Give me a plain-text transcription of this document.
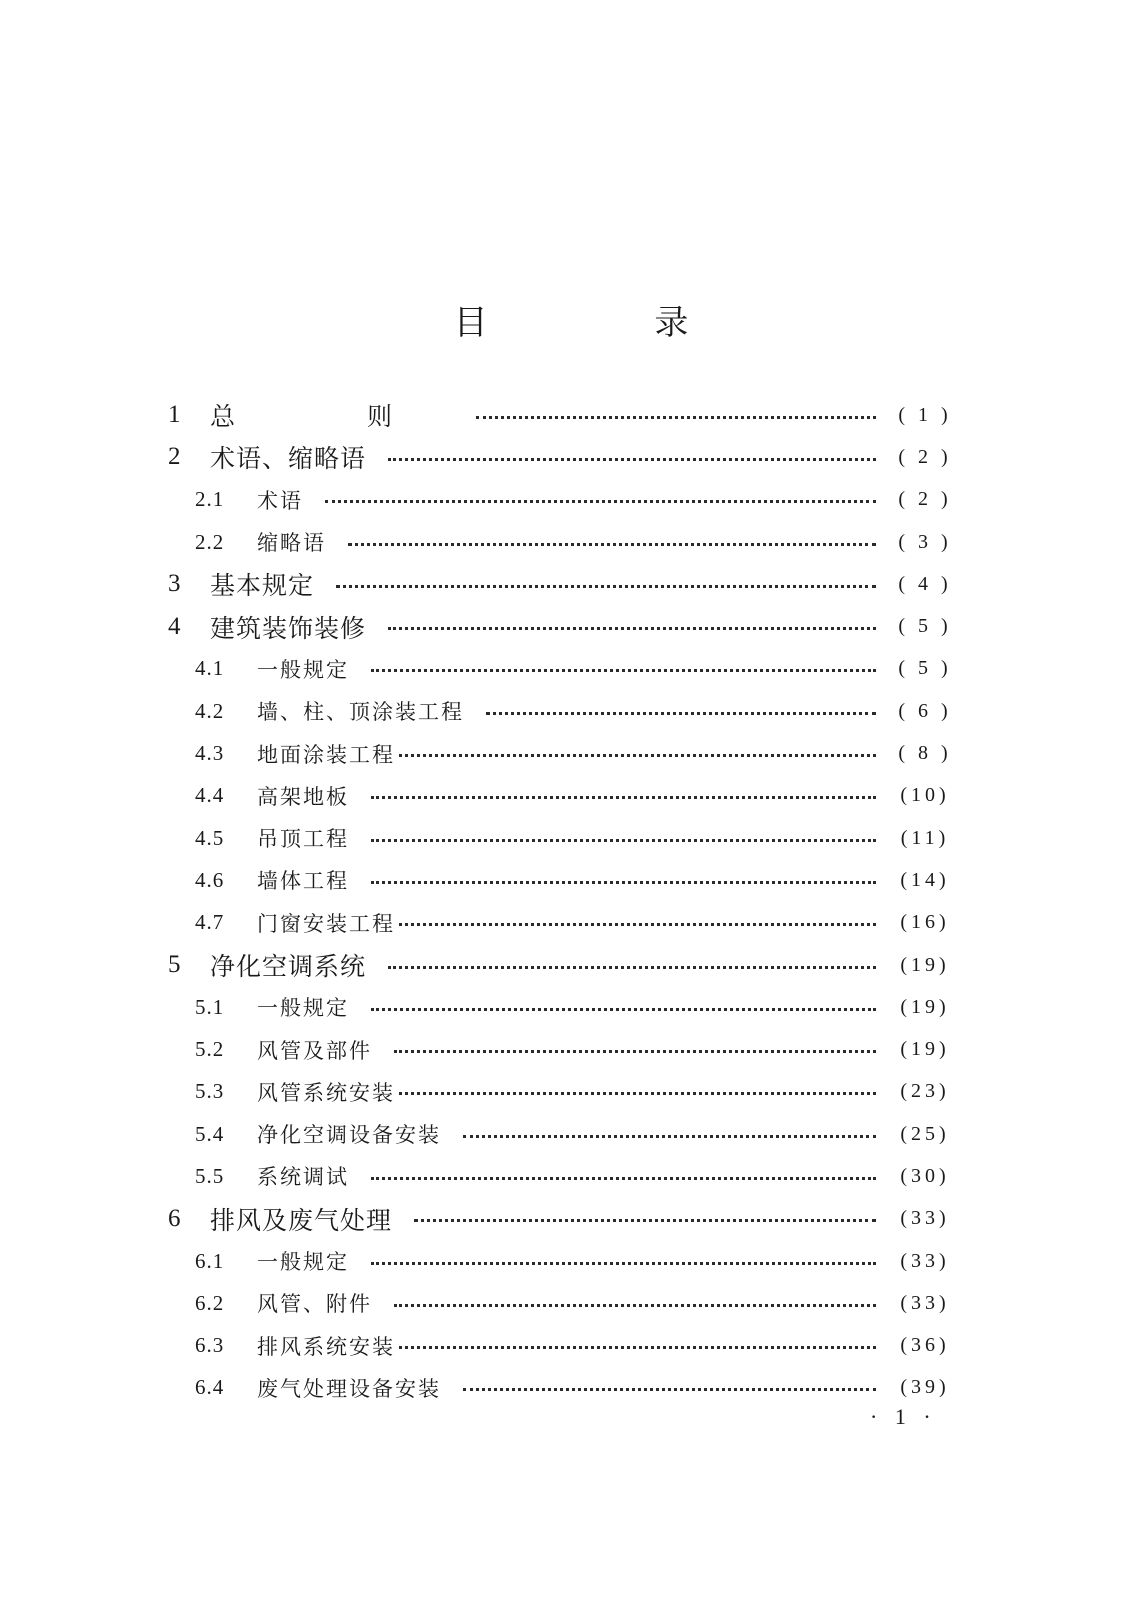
目 录
1	总 则	( 1 )
2	术语、缩略语	( 2 )
2.1	术语	( 2 )
2.2	缩略语	( 3 )
3	基本规定	( 4 )
4	建筑装饰装修	( 5 )
4.1	一般规定	( 5 )
4.2	墙、柱、顶涂装工程	( 6 )
4.3	地面涂装工程	( 8 )
4.4	高架地板	(10)
4.5	吊顶工程	(11)
4.6	墙体工程	(14)
4.7	门窗安装工程	(16)
5	净化空调系统	(19)
5.1	一般规定	(19)
5.2	风管及部件	(19)
5.3	风管系统安装	(23)
5.4	净化空调设备安装	(25)
5.5	系统调试	(30)
6	排风及废气处理	(33)
6.1	一般规定	(33)
6.2	风管、附件	(33)
6.3	排风系统安装	(36)
6.4	废气处理设备安装	(39)
· 1 ·
